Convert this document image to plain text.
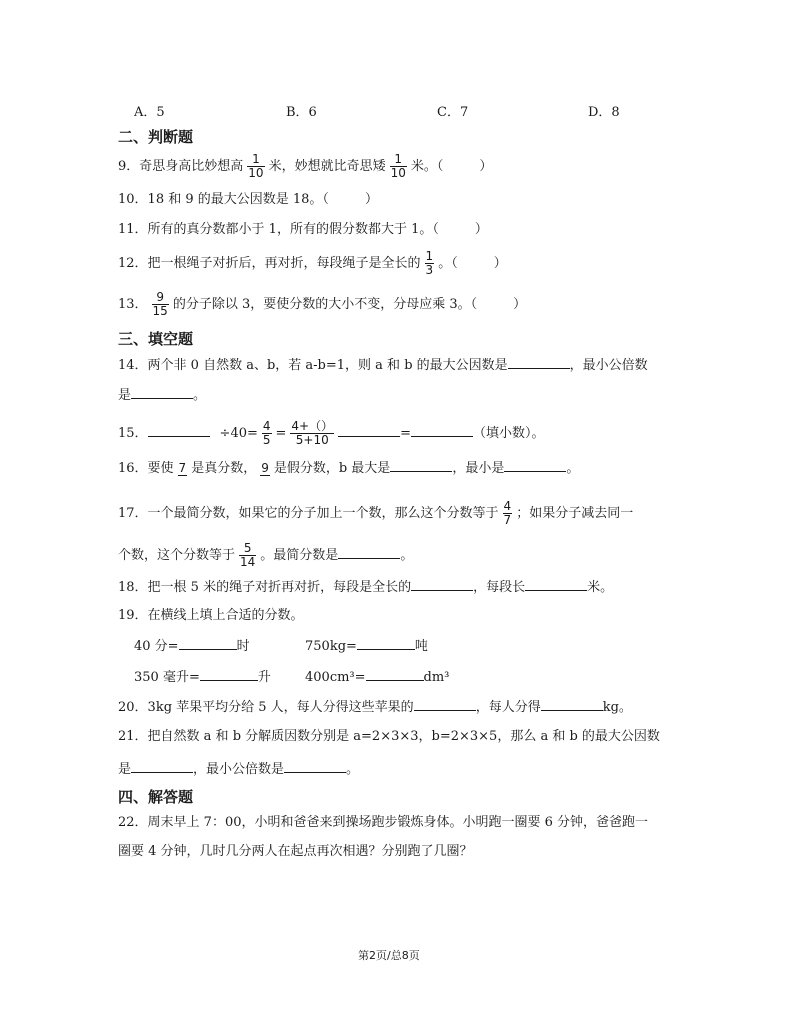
A．5	B．6	C．7	D．8
二、判断题
9．奇思身高比妙想高 $\frac{1}{10}$ 米，妙想就比奇思矮 $\frac{1}{10}$ 米。（	）
10．18 和 9 的最大公因数是 18。（	）
11．所有的真分数都小于 1，所有的假分数都大于 1。（	）
12．把一根绳子对折后，再对折，每段绳子是全长的 $\frac{1}{3}$ 。（	）
13． $\frac{9}{15}$ 的分子除以 3，要使分数的大小不变，分母应乘 3。（	）
三、填空题
14．两个非 0 自然数 a、b，若 a-b=1，则 a 和 b 的最大公因数是	，最小公倍数
是	。
15．	$\div 40= \frac{4}{5} = \frac{4+()}{5+10}$	=	（填小数）。
16．要使 7 是真分数， 9 是假分数，b 最大是	，最小是	。
17．一个最简分数，如果它的分子加上一个数，那么这个分数等于 $\frac{4}{7}$ ；如果分子减去同一
个数，这个分数等于 $\frac{5}{14}$ 。最简分数是	。
18．把一根 5 米的绳子对折再对折，每段是全长的	，每段长	米。
19．在横线上填上合适的分数。
40 分=	时	750kg=	吨
350 毫升=	升	400cm³=	dm³
20．3kg 苹果平均分给 5 人，每人分得这些苹果的	，每人分得	kg。
21．把自然数 a 和 b 分解质因数分别是 a=2×3×3，b=2×3×5，那么 a 和 b 的最大公因数
是	，最小公倍数是	。
四、解答题
22．周末早上 7：00，小明和爸爸来到操场跑步锻炼身体。小明跑一圈要 6 分钟，爸爸跑一
圈要 4 分钟，几时几分两人在起点再次相遇？分别跑了几圈？
第2页/总8页
